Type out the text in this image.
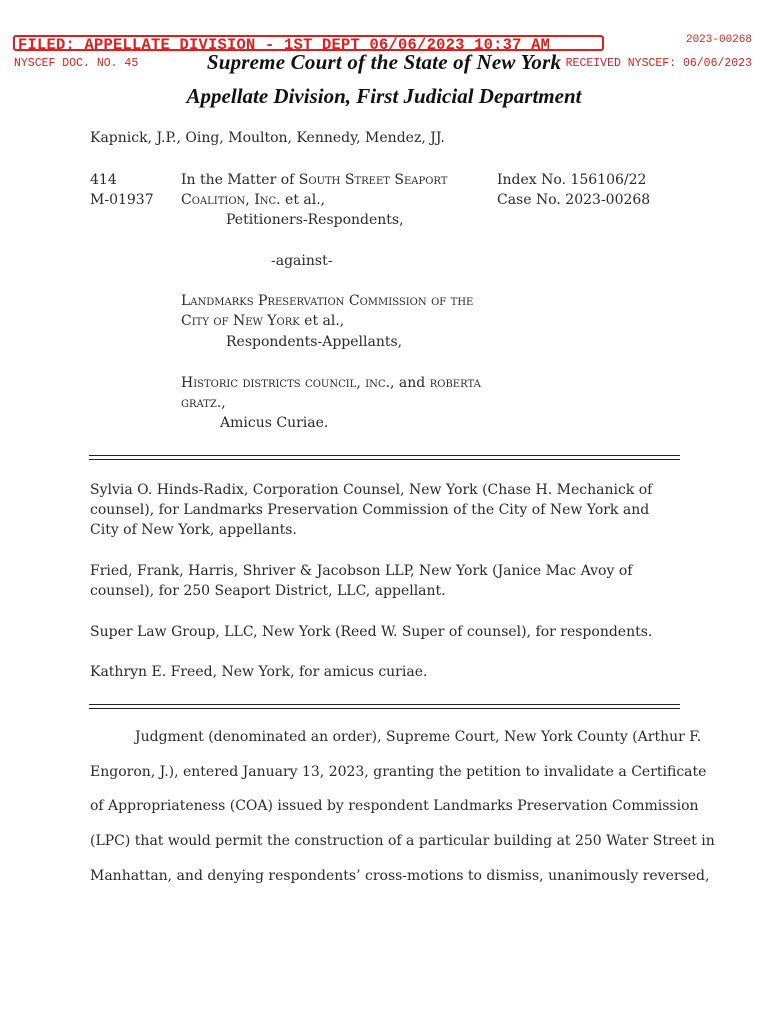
FILED: APPELLATE DIVISION - 1ST DEPT 06/06/2023 10:37 AM	2023-00268
NYSCEF DOC. NO. 45	RECEIVED NYSCEF: 06/06/2023
Supreme Court of the State of New York
Appellate Division, First Judicial Department
Kapnick, J.P., Oing, Moulton, Kennedy, Mendez, JJ.
414
M-01937
In the Matter of South Street Seaport
Coalition, Inc. et al.,
Petitioners-Respondents,
-against-
Landmarks Preservation Commission of the
City of New York et al.,
Respondents-Appellants,
Historic districts council, inc., and roberta
gratz.,
Amicus Curiae.
Index No. 156106/22
Case No. 2023-00268
Sylvia O. Hinds-Radix, Corporation Counsel, New York (Chase H. Mechanick of counsel), for Landmarks Preservation Commission of the City of New York and City of New York, appellants.
Fried, Frank, Harris, Shriver & Jacobson LLP, New York (Janice Mac Avoy of counsel), for 250 Seaport District, LLC, appellant.
Super Law Group, LLC, New York (Reed W. Super of counsel), for respondents.
Kathryn E. Freed, New York, for amicus curiae.
Judgment (denominated an order), Supreme Court, New York County (Arthur F.
Engoron, J.), entered January 13, 2023, granting the petition to invalidate a Certificate
of Appropriateness (COA) issued by respondent Landmarks Preservation Commission
(LPC) that would permit the construction of a particular building at 250 Water Street in
Manhattan, and denying respondents’ cross-motions to dismiss, unanimously reversed,
